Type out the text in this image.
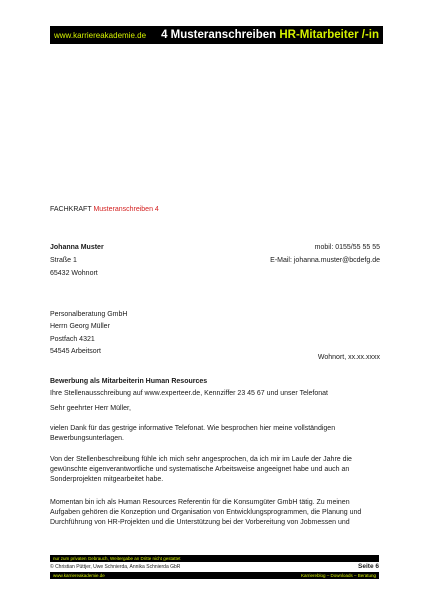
www.karriereakademie.de 4 Musteranschreiben HR-Mitarbeiter /-in
FACHKRAFT Musteranschreiben 4
Johanna Muster	mobil: 0155/55 55 55
Straße 1	E-Mail: johanna.muster@bcdefg.de
65432 Wohnort
Personalberatung GmbH
Herrn Georg Müller
Postfach 4321
54545 Arbeitsort
Wohnort, xx.xx.xxxx
Bewerbung als Mitarbeiterin Human Resources
Ihre Stellenausschreibung auf www.experteer.de, Kennziffer 23 45 67 und unser Telefonat
Sehr geehrter Herr Müller,
vielen Dank für das gestrige informative Telefonat. Wie besprochen hier meine vollständigen Bewerbungsunterlagen.
Von der Stellenbeschreibung fühle ich mich sehr angesprochen, da ich mir im Laufe der Jahre die gewünschte eigenverantwortliche und systematische Arbeitsweise angeeignet habe und auch an Sonderprojekten mitgearbeitet habe.
Momentan bin ich als Human Resources Referentin für die Konsumgüter GmbH tätig. Zu meinen Aufgaben gehören die Konzeption und Organisation von Entwicklungsprogrammen, die Planung und Durchführung von HR-Projekten und die Unterstützung bei der Vorbereitung von Jobmessen und
nur zum privaten Gebrauch, Weitergabe an Dritte nicht gestattet
© Christian Püttjer, Uwe Schnierda, Annika Schnierda GbR	Seite 6
www.karriereakademie.de	Karriereblog – Downloads – Beratung
